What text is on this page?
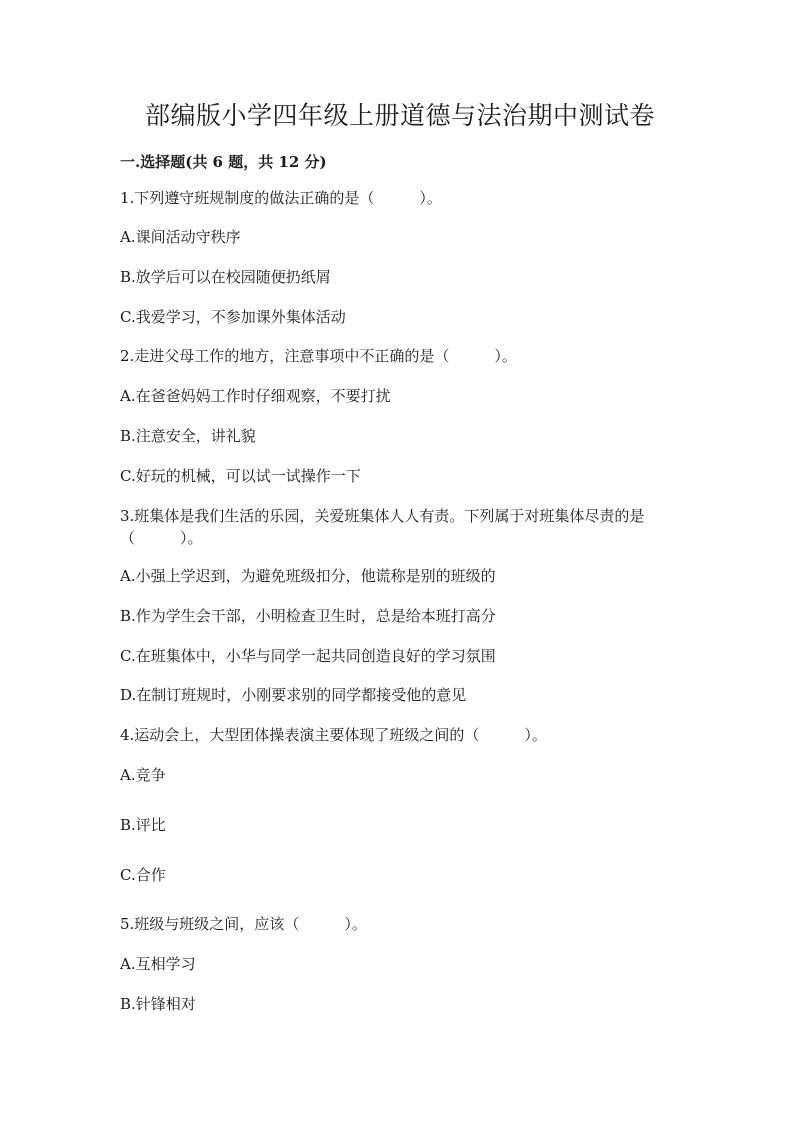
部编版小学四年级上册道德与法治期中测试卷
一.选择题(共 6 题，共 12 分)

1.下列遵守班规制度的做法正确的是（　　　）。

A.课间活动守秩序

B.放学后可以在校园随便扔纸屑

C.我爱学习，不参加课外集体活动

2.走进父母工作的地方，注意事项中不正确的是（　　　）。

A.在爸爸妈妈工作时仔细观察，不要打扰

B.注意安全，讲礼貌

C.好玩的机械，可以试一试操作一下

3.班集体是我们生活的乐园，关爱班集体人人有责。下列属于对班集体尽责的是（　　　）。

A.小强上学迟到，为避免班级扣分，他谎称是别的班级的

B.作为学生会干部，小明检查卫生时，总是给本班打高分

C.在班集体中，小华与同学一起共同创造良好的学习氛围

D.在制订班规时，小刚要求别的同学都接受他的意见

4.运动会上，大型团体操表演主要体现了班级之间的（　　　）。

A.竞争

B.评比

C.合作

5.班级与班级之间，应该（　　　）。

A.互相学习

B.针锋相对
